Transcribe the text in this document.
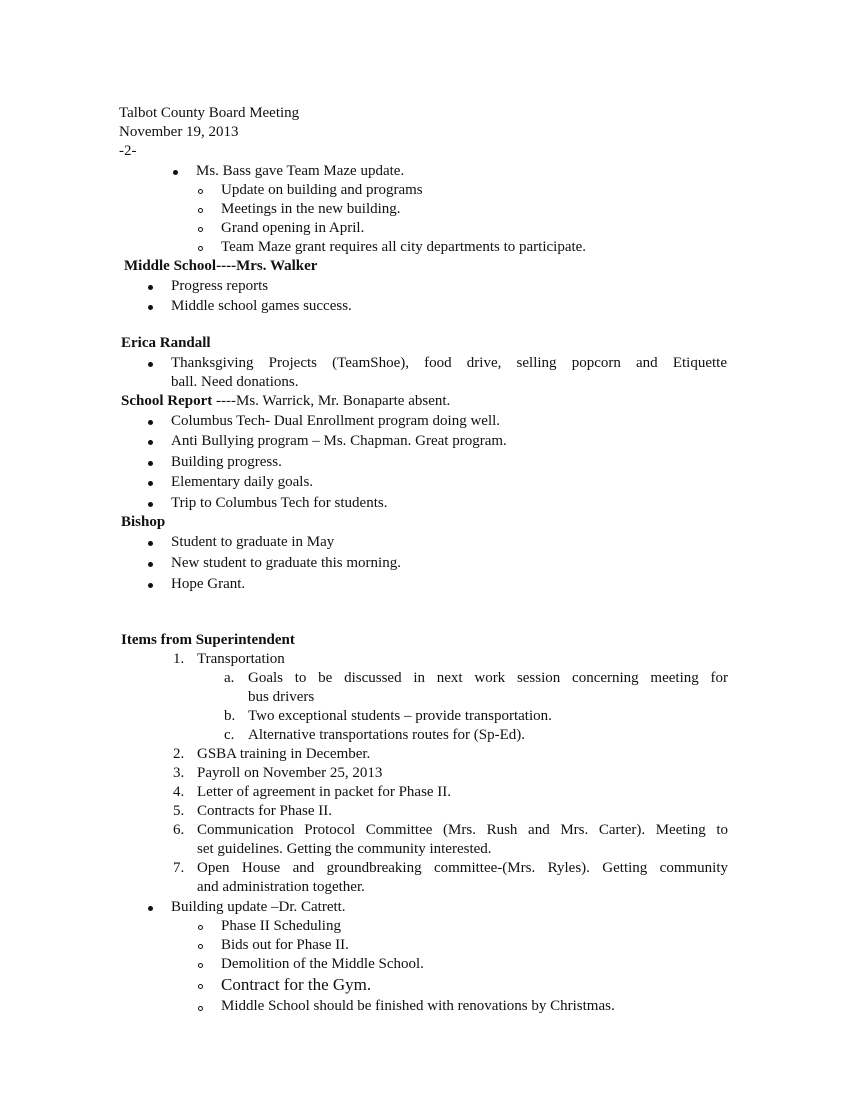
Talbot County Board Meeting
November 19, 2013
-2-
Ms. Bass gave Team Maze update.
Update on building and programs
Meetings in the new building.
Grand opening in April.
Team Maze grant requires all city departments to participate.
Middle School----Mrs. Walker
Progress reports
Middle school games success.
Erica Randall
Thanksgiving Projects (TeamShoe), food drive, selling popcorn and Etiquette
ball. Need donations.
School Report ----Ms. Warrick, Mr. Bonaparte absent.
Columbus Tech- Dual Enrollment program doing well.
Anti Bullying program – Ms. Chapman. Great program.
Building progress.
Elementary daily goals.
Trip to Columbus Tech for students.
Bishop
Student to graduate in May
New student to graduate this morning.
Hope Grant.
Items from Superintendent
1. Transportation
a. Goals to be discussed in next work session concerning meeting for
bus drivers
b. Two exceptional students – provide transportation.
c. Alternative transportations routes for (Sp-Ed).
2. GSBA training in December.
3. Payroll on November 25, 2013
4. Letter of agreement in packet for Phase II.
5. Contracts for Phase II.
6. Communication Protocol Committee (Mrs. Rush and Mrs. Carter). Meeting to
set guidelines. Getting the community interested.
7. Open House and groundbreaking committee-(Mrs. Ryles). Getting community
and administration together.
Building update –Dr. Catrett.
Phase II Scheduling
Bids out for Phase II.
Demolition of the Middle School.
Contract for the Gym.
Middle School should be finished with renovations by Christmas.
